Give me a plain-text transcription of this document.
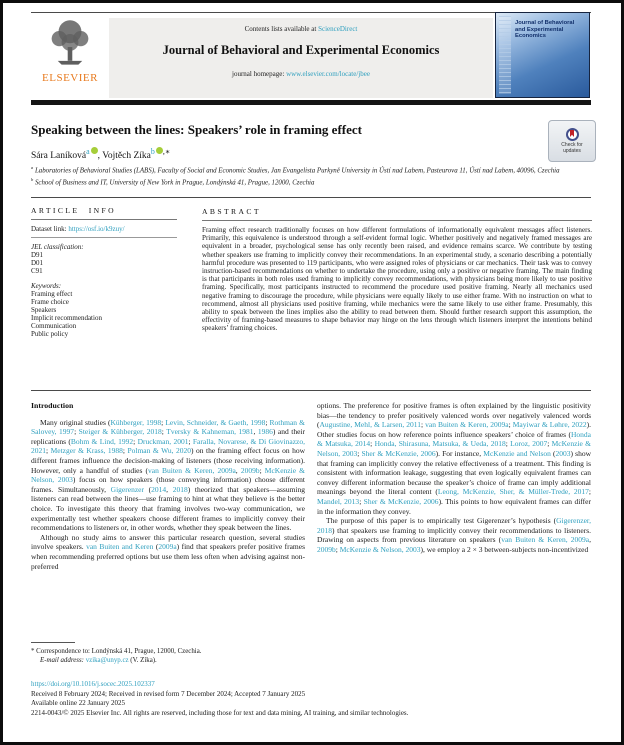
ELSEVIER
Contents lists available at ScienceDirect
Journal of Behavioral and Experimental Economics
journal homepage: www.elsevier.com/locate/jbee
Journal of Behavioral and Experimental Economics
Speaking between the lines: Speakers’ role in framing effect
Check for updates
Sára Laníková$^a$ , Vojtěch Zíka$^b$ ,∗
$^a$ Laboratories of Behavioral Studies (LABS), Faculty of Social and Economic Studies, Jan Evangelista Purkyně University in Ústí nad Labem, Pasteurova 11, Ústí nad Labem, 40096, Czechia
$^b$ School of Business and IT, University of New York in Prague, Londýnská 41, Prague, 12000, Czechia
ARTICLE INFO
Dataset link: https://osf.io/k9zuy/
JEL classification:
D91
D01
C91
Keywords:
Framing effect
Frame choice
Speakers
Implicit recommendation
Communication
Public policy
ABSTRACT
Framing effect research traditionally focuses on how different formulations of informationally equivalent messages affect listeners. Primarily, this equivalence is understood through a self-evident formal logic. Whether positively and negatively framed messages are equivalent in a broader, psychological sense has only recently been raised, and evidence remains scarce. We contribute by testing whether speakers use framing to implicitly convey their recommendations. In an experimental study, a scenario describing a potentially harmful procedure was presented to 119 participants, who were assigned roles of physicians or car mechanics. Their task was to convey instruction-based recommendations on whether to undertake the procedure, using only a positive or negative framing. The main finding is that participants in both roles used framing to implicitly convey recommendations, with physicians being more likely to use positive framing. Specifically, most participants instructed to recommend the procedure used positive framing. Nearly all mechanics used negative framing to discourage the procedure, while physicians were equally likely to use either frame. With no instruction on what to recommend, almost all physicians used positive framing, while mechanics were the same likely to use either frame. Presumably, this ability to speak between the lines implies also the ability to read between them. Should further research support this assumption, the effectivity of framing-based measures to shape behavior may hinge on the lens through which listeners interpret the intentions behind speakers’ framing choices.
Introduction

Many original studies (Kühberger, 1998; Levin, Schneider, & Gaeth, 1998; Rothman & Salovey, 1997; Steiger & Kühberger, 2018; Tversky & Kahneman, 1981, 1986) and their replications (Bohm & Lind, 1992; Druckman, 2001; Faralla, Novarese, & Di Giovinazzo, 2021; Metzger & Krass, 1988; Polman & Wu, 2020) on the framing effect focus on how different frames influence the decision-making of listeners (those receiving information). However, only a handful of studies (van Buiten & Keren, 2009a, 2009b; McKenzie & Nelson, 2003) focus on how speakers (those conveying information) choose different frames. Simultaneously, Gigerenzer (2014, 2018) theorized that speakers—assuming listeners can read between the lines—use framing to hint at what they believe is the better choice. To investigate this theory that framing involves two-way communication, we experimentally test whether speakers choose different frames to implicitly convey their recommendations to listeners or, in other words, whether they speak between the lines.

Although no study aims to answer this particular research question, several studies involve speakers. van Buiten and Keren (2009a) find that speakers prefer positive frames when recommending preferred options but use them less often when advising against non-preferred

options. The preference for positive frames is often explained by the linguistic positivity bias—the tendency to prefer positively valenced words over negatively valenced words (Augustine, Mehl, & Larsen, 2011; van Buiten & Keren, 2009a; Mayiwar & Løhre, 2022). Other studies focus on how reference points influence speakers’ choice of frames (Honda & Matsuka, 2014; Honda, Shirasuna, Matsuka, & Ueda, 2018; Loroz, 2007; McKenzie & Nelson, 2003; Sher & McKenzie, 2006). For instance, McKenzie and Nelson (2003) show that framing can implicitly convey the relative effectiveness of a treatment. This finding is consistent with information leakage, suggesting that even logically equivalent frames can convey different information because the speaker’s choice of frame can imply additional meanings beyond the literal content (Leong, McKenzie, Sher, & Müller-Trede, 2017; Mandel, 2013; Sher & McKenzie, 2006). This points to how equivalent frames can differ in the information they convey.

The purpose of this paper is to empirically test Gigerenzer’s hypothesis (Gigerenzer, 2018) that speakers use framing to implicitly convey their recommendations to listeners. Drawing on aspects from previous literature on speakers (van Buiten & Keren, 2009a, 2009b; McKenzie & Nelson, 2003), we employ a 2 × 3 between-subjects non-incentivized

* Correspondence to: Londýnská 41, Prague, 12000, Czechia.
E-mail address: vzika@unyp.cz (V. Zíka).
https://doi.org/10.1016/j.socec.2025.102337
Received 8 February 2024; Received in revised form 7 December 2024; Accepted 7 January 2025
Available online 22 January 2025
2214-0043/© 2025 Elsevier Inc. All rights are reserved, including those for text and data mining, AI training, and similar technologies.
